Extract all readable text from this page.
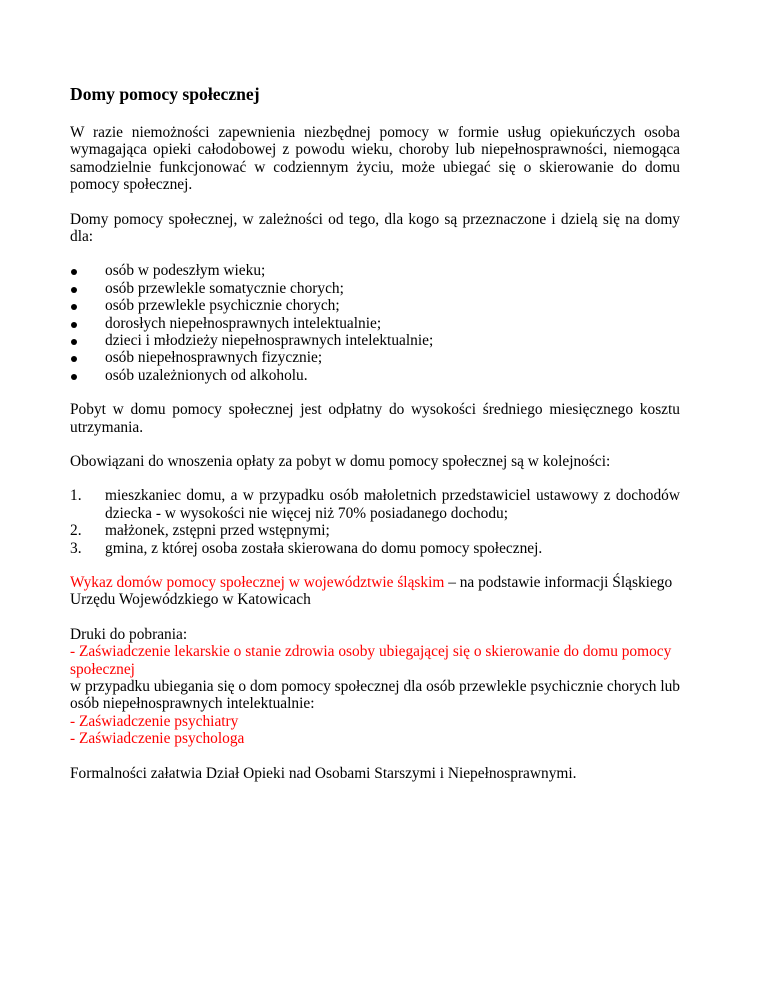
Domy pomocy społecznej

W razie niemożności zapewnienia niezbędnej pomocy w formie usług opiekuńczych osoba wymagająca opieki całodobowej z powodu wieku, choroby lub niepełnosprawności, niemogąca samodzielnie funkcjonować w codziennym życiu, może ubiegać się o skierowanie do domu pomocy społecznej.

Domy pomocy społecznej, w zależności od tego, dla kogo są przeznaczone i dzielą się na domy dla:

osób w podeszłym wieku;
osób przewlekle somatycznie chorych;
osób przewlekle psychicznie chorych;
dorosłych niepełnosprawnych intelektualnie;
dzieci i młodzieży niepełnosprawnych intelektualnie;
osób niepełnosprawnych fizycznie;
osób uzależnionych od alkoholu.

Pobyt w domu pomocy społecznej jest odpłatny do wysokości średniego miesięcznego kosztu utrzymania.

Obowiązani do wnoszenia opłaty za pobyt w domu pomocy społecznej są w kolejności:

1. mieszkaniec domu, a w przypadku osób małoletnich przedstawiciel ustawowy z dochodów dziecka - w wysokości nie więcej niż 70% posiadanego dochodu;
2. małżonek, zstępni przed wstępnymi;
3. gmina, z której osoba została skierowana do domu pomocy społecznej.

Wykaz domów pomocy społecznej w województwie śląskim – na podstawie informacji Śląskiego Urzędu Wojewódzkiego w Katowicach

Druki do pobrania:
- Zaświadczenie lekarskie o stanie zdrowia osoby ubiegającej się o skierowanie do domu pomocy społecznej
w przypadku ubiegania się o dom pomocy społecznej dla osób przewlekle psychicznie chorych lub osób niepełnosprawnych intelektualnie:
- Zaświadczenie psychiatry
- Zaświadczenie psychologa

Formalności załatwia Dział Opieki nad Osobami Starszymi i Niepełnosprawnymi.
